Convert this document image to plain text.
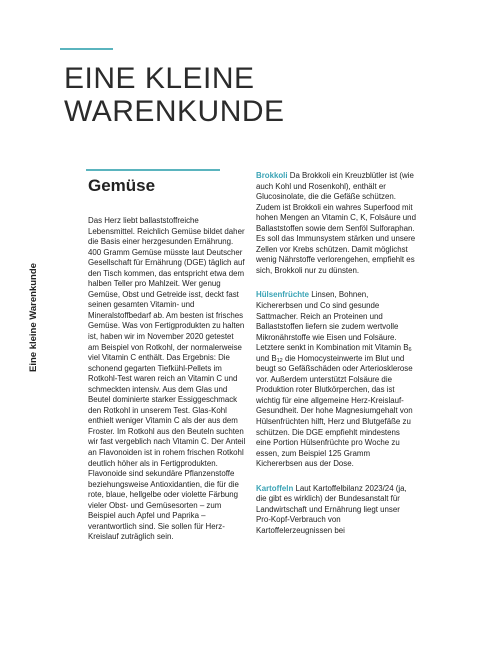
EINE KLEINE
WARENKUNDE
Eine kleine Warenkunde
Gemüse

Das Herz liebt ballaststoffreiche Lebensmittel. Reichlich Gemüse bildet daher die Basis einer herzgesunden Ernährung. 400 Gramm Gemüse müsste laut Deutscher Gesellschaft für Ernährung (DGE) täglich auf den Tisch kommen, das entspricht etwa dem halben Teller pro Mahlzeit. Wer genug Gemüse, Obst und Getreide isst, deckt fast seinen gesamten Vitamin- und Mineralstoffbedarf ab. Am besten ist frisches Gemüse. Was von Fertigprodukten zu halten ist, haben wir im November 2020 getestet am Beispiel von Rotkohl, der normalerweise viel Vitamin C enthält. Das Ergebnis: Die schonend gegarten Tiefkühl-Pellets im Rotkohl-Test waren reich an Vitamin C und schmeckten intensiv. Aus dem Glas und Beutel dominierte starker Essiggeschmack den Rotkohl in unserem Test. Glas-Kohl enthielt weniger Vitamin C als der aus dem Froster. Im Rotkohl aus den Beuteln suchten wir fast vergeblich nach Vitamin C. Der Anteil an Flavonoiden ist in rohem frischen Rotkohl deutlich höher als in Fertigprodukten. Flavonoide sind sekundäre Pflanzenstoffe beziehungsweise Antioxidantien, die für die rote, blaue, hellgelbe oder violette Färbung vieler Obst- und Gemüsesorten – zum Beispiel auch Apfel und Paprika – verantwortlich sind. Sie sollen für Herz-Kreislauf zuträglich sein.

Brokkoli Da Brokkoli ein Kreuzblütler ist (wie auch Kohl und Rosenkohl), enthält er Glucosinolate, die die Gefäße schützen. Zudem ist Brokkoli ein wahres Superfood mit hohen Mengen an Vitamin C, K, Folsäure und Ballaststoffen sowie dem Senföl Sulforaphan. Es soll das Immunsystem stärken und unsere Zellen vor Krebs schützen. Damit möglichst wenig Nährstoffe verlorengehen, empfiehlt es sich, Brokkoli nur zu dünsten.

Hülsenfrüchte Linsen, Bohnen, Kichererbsen und Co sind gesunde Sattmacher. Reich an Proteinen und Ballaststoffen liefern sie zudem wertvolle Mikronährstoffe wie Eisen und Folsäure. Letztere senkt in Kombination mit Vitamin $B_6$ und $B_{12}$ die Homocysteinwerte im Blut und beugt so Gefäßschäden oder Arteriosklerose vor. Außerdem unterstützt Folsäure die Produktion roter Blutkörperchen, das ist wichtig für eine allgemeine Herz-Kreislauf-Gesundheit. Der hohe Magnesiumgehalt von Hülsenfrüchten hilft, Herz und Blutgefäße zu schützen. Die DGE empfiehlt mindestens eine Portion Hülsenfrüchte pro Woche zu essen, zum Beispiel 125 Gramm Kichererbsen aus der Dose.

Kartoffeln Laut Kartoffelbilanz 2023/24 (ja, die gibt es wirklich) der Bundesanstalt für Landwirtschaft und Ernährung liegt unser Pro-Kopf-Verbrauch von Kartoffelerzeugnissen bei
